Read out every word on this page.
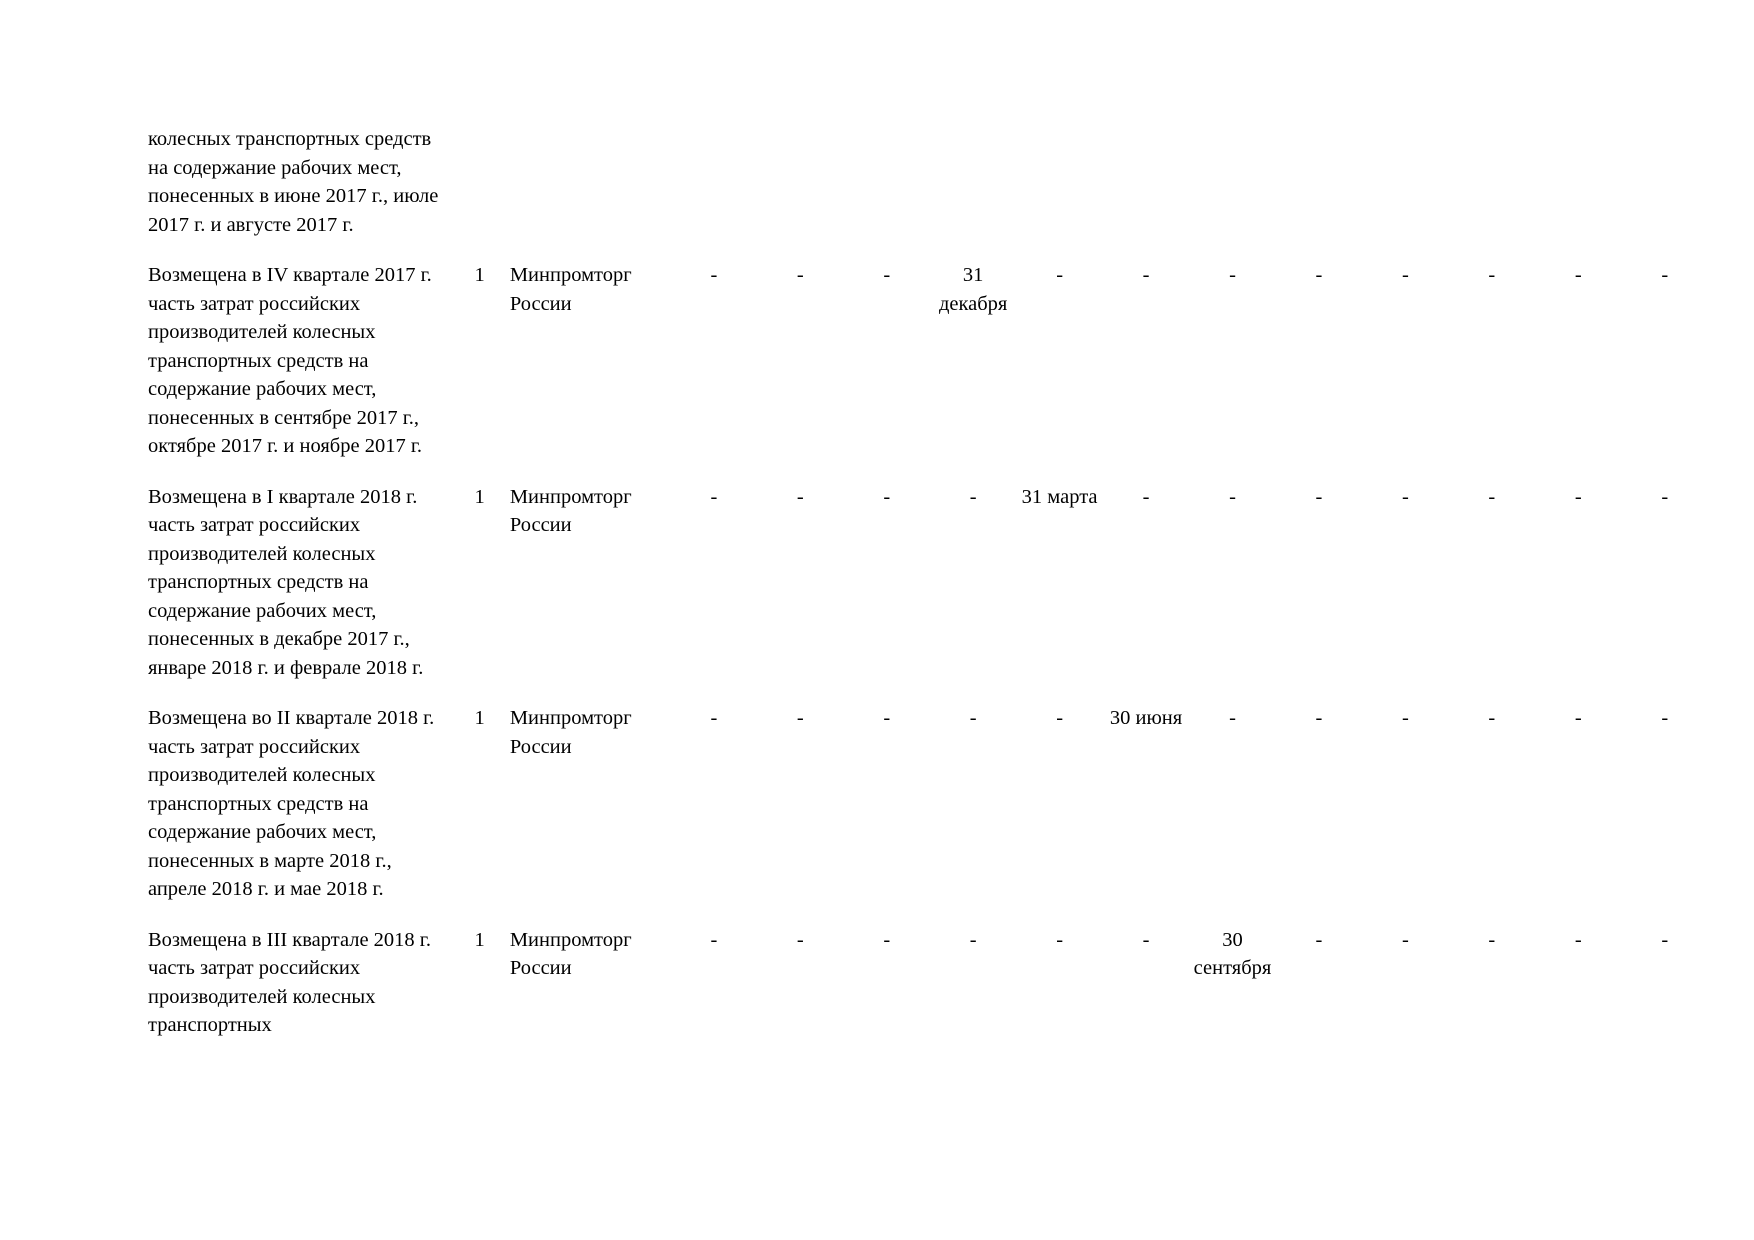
колесных транспортных средств на содержание рабочих мест, понесенных в июне 2017 г., июле 2017 г. и августе 2017 г.														

Возмещена в IV квартале 2017 г. часть затрат российских производителей колесных транспортных средств на содержание рабочих мест, понесенных в сентябре 2017 г., октябре 2017 г. и ноябре 2017 г.	1	Минпромторг России	-	-	-	31 декабря	-	-	-	-	-	-	-	-

Возмещена в I квартале 2018 г. часть затрат российских производителей колесных транспортных средств на содержание рабочих мест, понесенных в декабре 2017 г., январе 2018 г. и феврале 2018 г.	1	Минпромторг России	-	-	-	-	31 марта	-	-	-	-	-	-	-

Возмещена во II квартале 2018 г. часть затрат российских производителей колесных транспортных средств на содержание рабочих мест, понесенных в марте 2018 г., апреле 2018 г. и мае 2018 г.	1	Минпромторг России	-	-	-	-	-	30 июня	-	-	-	-	-	-

Возмещена в III квартале 2018 г. часть затрат российских производителей колесных транспортных	1	Минпромторг России	-	-	-	-	-	-	30 сентября	-	-	-	-	-
